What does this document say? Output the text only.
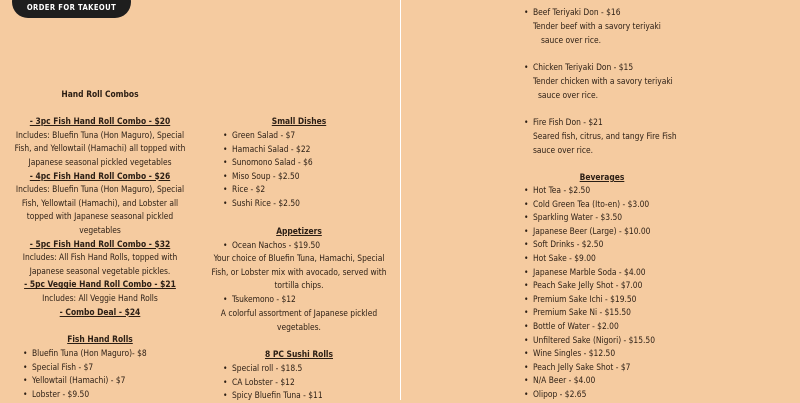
ORDER FOR TAKEOUT

Hand Roll Combos

- 3pc Fish Hand Roll Combo - $20

Includes: Bluefin Tuna (Hon Maguro), Special

Fish, and Yellowtail (Hamachi) all topped with

Japanese seasonal pickled vegetables

- 4pc Fish Hand Roll Combo - $26

Includes: Bluefin Tuna (Hon Maguro), Special

Fish, Yellowtail (Hamachi), and Lobster all

topped with Japanese seasonal pickled

vegetables

- 5pc Fish Hand Roll Combo - $32

Includes: All Fish Hand Rolls, topped with

Japanese seasonal vegetable pickles.

- 5pc Veggie Hand Roll Combo - $21

Includes: All Veggie Hand Rolls

- Combo Deal - $24

Fish Hand Rolls

• Bluefin Tuna (Hon Maguro)- $8
• Special Fish - $7
• Yellowtail (Hamachi) - $7
• Lobster - $9.50

Small Dishes

• Green Salad - $7
• Hamachi Salad - $22
• Sunomono Salad - $6
• Miso Soup - $2.50
• Rice - $2
• Sushi Rice - $2.50

Appetizers

• Ocean Nachos - $19.50

Your choice of Bluefin Tuna, Hamachi, Special

Fish, or Lobster mix with avocado, served with

tortilla chips.

• Tsukemono - $12

A colorful assortment of Japanese pickled

vegetables.

8 PC Sushi Rolls

• Special roll - $18.5
• CA Lobster - $12
• Spicy Bluefin Tuna - $11
• Beef Teriyaki Don - $16

Tender beef with a savory teriyaki

sauce over rice.

• Chicken Teriyaki Don - $15

Tender chicken with a savory teriyaki

sauce over rice.

• Fire Fish Don - $21

Seared fish, citrus, and tangy Fire Fish

sauce over rice.

Beverages

• Hot Tea - $2.50
• Cold Green Tea (Ito-en) - $3.00
• Sparkling Water - $3.50
• Japanese Beer (Large) - $10.00
• Soft Drinks - $2.50
• Hot Sake - $9.00
• Japanese Marble Soda - $4.00
• Peach Sake Jelly Shot - $7.00
• Premium Sake Ichi - $19.50
• Premium Sake Ni - $15.50
• Bottle of Water - $2.00
• Unfiltered Sake (Nigori) - $15.50
• Wine Singles - $12.50
• Peach Jelly Sake Shot - $7
• N/A Beer - $4.00
• Olipop - $2.65
